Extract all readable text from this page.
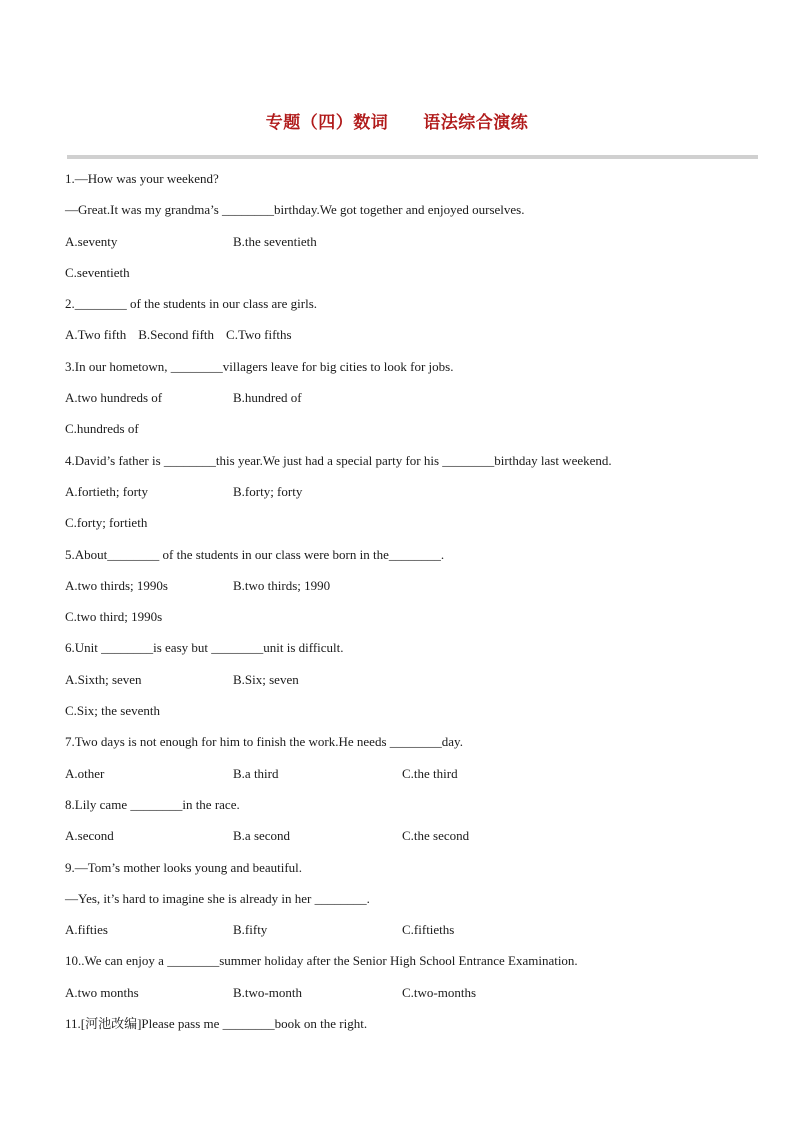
专题（四）数词　　语法综合演练
1.—How was your weekend?
—Great.It was my grandma’s ________birthday.We got together and enjoyed ourselves.
A.seventy	B.the seventieth
C.seventieth
2.________ of the students in our class are girls.
A.Two fifth B.Second fifth C.Two fifths
3.In our hometown, ________villagers leave for big cities to look for jobs.
A.two hundreds of	B.hundred of
C.hundreds of
4.David’s father is ________this year.We just had a special party for his ________birthday last weekend.
A.fortieth; forty	B.forty; forty
C.forty; fortieth
5.About________ of the students in our class were born in the________.
A.two thirds; 1990s	B.two thirds; 1990
C.two third; 1990s
6.Unit ________is easy but ________unit is difficult.
A.Sixth; seven	B.Six; seven
C.Six; the seventh
7.Two days is not enough for him to finish the work.He needs ________day.
A.other	B.a third	C.the third
8.Lily came ________in the race.
A.second	B.a second	C.the second
9.—Tom’s mother looks young and beautiful.
—Yes, it’s hard to imagine she is already in her ________.
A.fifties	B.fifty	C.fiftieths
10..We can enjoy a ________summer holiday after the Senior High School Entrance Examination.
A.two months	B.two-month	C.two-months
11.[河池改编]Please pass me ________book on the right.
